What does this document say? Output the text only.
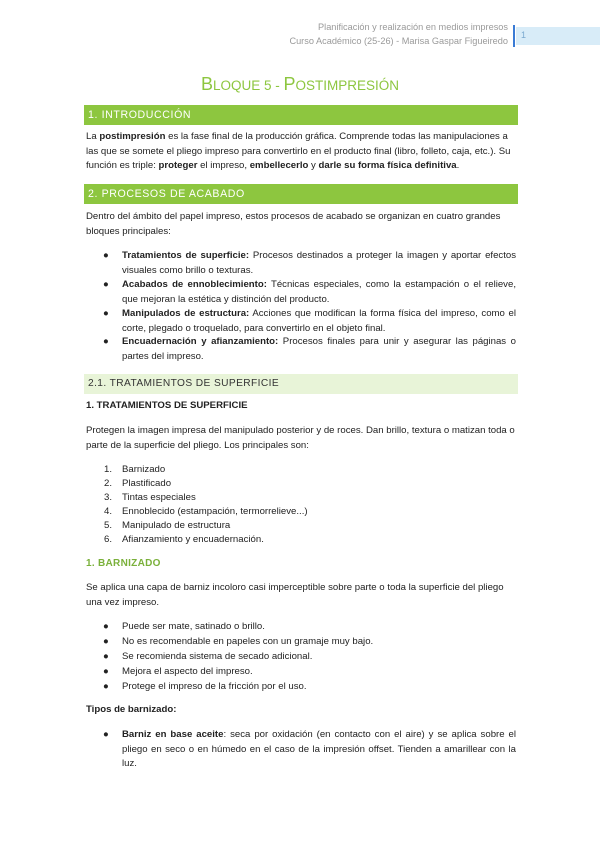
Planificación y realización en medios impresos
Curso Académico (25-26) - Marisa Gaspar Figueiredo
1
BLOQUE 5 - POSTIMPRESIÓN
1. INTRODUCCIÓN
La postimpresión es la fase final de la producción gráfica. Comprende todas las manipulaciones a las que se somete el pliego impreso para convertirlo en el producto final (libro, folleto, caja, etc.). Su función es triple: proteger el impreso, embellecerlo y darle su forma física definitiva.
2. PROCESOS DE ACABADO
Dentro del ámbito del papel impreso, estos procesos de acabado se organizan en cuatro grandes bloques principales:
● Tratamientos de superficie: Procesos destinados a proteger la imagen y aportar efectos visuales como brillo o texturas.
● Acabados de ennoblecimiento: Técnicas especiales, como la estampación o el relieve, que mejoran la estética y distinción del producto.
● Manipulados de estructura: Acciones que modifican la forma física del impreso, como el corte, plegado o troquelado, para convertirlo en el objeto final.
● Encuadernación y afianzamiento: Procesos finales para unir y asegurar las páginas o partes del impreso.
2.1. TRATAMIENTOS DE SUPERFICIE
1. TRATAMIENTOS DE SUPERFICIE
Protegen la imagen impresa del manipulado posterior y de roces. Dan brillo, textura o matizan toda o parte de la superficie del pliego. Los principales son:
1. Barnizado
2. Plastificado
3. Tintas especiales
4. Ennoblecido (estampación, termorrelieve...)
5. Manipulado de estructura
6. Afianzamiento y encuadernación.
1. BARNIZADO
Se aplica una capa de barniz incoloro casi imperceptible sobre parte o toda la superficie del pliego una vez impreso.
● Puede ser mate, satinado o brillo.
● No es recomendable en papeles con un gramaje muy bajo.
● Se recomienda sistema de secado adicional.
● Mejora el aspecto del impreso.
● Protege el impreso de la fricción por el uso.
Tipos de barnizado:
● Barniz en base aceite: seca por oxidación (en contacto con el aire) y se aplica sobre el pliego en seco o en húmedo en el caso de la impresión offset. Tienden a amarillear con la luz.
